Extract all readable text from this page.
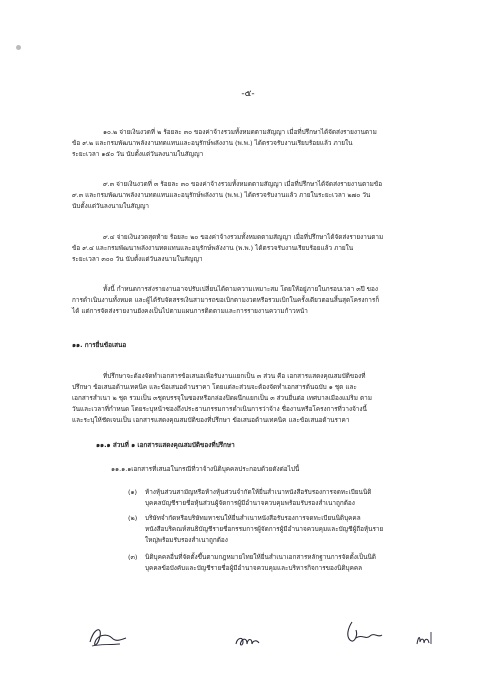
-๕-
๑๐.๒ จ่ายเงินงวดที่ ๒ ร้อยละ ๓๐ ของค่าจ้างรวมทั้งหมดตามสัญญา เมื่อที่ปรึกษาได้จัดส่งรายงานตาม
ข้อ ๙.๒ และกรมพัฒนาพลังงานทดแทนและอนุรักษ์พลังงาน (พ.พ.) ได้ตรวจรับงานเรียบร้อยแล้ว ภายใน
ระยะเวลา ๑๕๐ วัน นับตั้งแต่วันลงนามในสัญญา
๙.๓ จ่ายเงินงวดที่ ๓ ร้อยละ ๓๐ ของค่าจ้างรวมทั้งหมดตามสัญญา เมื่อที่ปรึกษาได้จัดส่งรายงานตามข้อ
๙.๓ และกรมพัฒนาพลังงานทดแทนและอนุรักษ์พลังงาน (พ.พ.) ได้ตรวจรับงานแล้ว ภายในระยะเวลา ๒๗๐ วัน
นับตั้งแต่วันลงนามในสัญญา
๙.๔ จ่ายเงินงวดสุดท้าย ร้อยละ ๒๐ ของค่าจ้างรวมทั้งหมดตามสัญญา เมื่อที่ปรึกษาได้จัดส่งรายงานตาม
ข้อ ๙.๔ และกรมพัฒนาพลังงานทดแทนและอนุรักษ์พลังงาน (พ.พ.) ได้ตรวจรับงานเรียบร้อยแล้ว ภายใน
ระยะเวลา ๓๐๐ วัน นับตั้งแต่วันลงนามในสัญญา
ทั้งนี้ กำหนดการส่งรายงานอาจปรับเปลี่ยนได้ตามความเหมาะสม โดยให้อยู่ภายในกรอบเวลา ๓ปี ของ
การดำเนินงานทั้งหมด และผู้ได้รับจัดสรรเงินสามารถขอเบิกตามงวดหรือรวมเบิกในครั้งเดียวตอนสิ้นสุดโครงการก็
ได้ แต่การจัดส่งรายงานยังคงเป็นไปตามแผนการติดตามและการรายงานความก้าวหน้า
๑๑. การยื่นข้อเสนอ
ที่ปรึกษาจะต้องจัดทำเอกสารข้อเสนอเพื่อรับงานแยกเป็น ๓ ส่วน คือ เอกสารแสดงคุณสมบัติของที่
ปรึกษา ข้อเสนอด้านเทคนิค และข้อเสนอด้านราคา โดยแต่ละส่วนจะต้องจัดทำเอกสารต้นฉบับ ๑ ชุด และ
เอกสารสำเนา ๒ ชุด รวมเป็น ๓ชุดบรรจุในซองหรือกล่องปิดผนึกแยกเป็น ๓ ส่วนยื่นต่อ เทศบาลเมืองแม่ริม ตาม
วันและเวลาที่กำหนด โดยระบุหน้าซองถึงประธานกรรมการดำเนินการว่าจ้าง ชื่องานหรือโครงการที่วางจ้างนี้
และระบุให้ชัดเจนเป็น เอกสารแสดงคุณสมบัติของที่ปรึกษา ข้อเสนอด้านเทคนิค และข้อเสนอด้านราคา
๑๑.๑ ส่วนที่ ๑ เอกสารแสดงคุณสมบัติของที่ปรึกษา
๑๑.๑.๑เอกสารที่เสนอในกรณีที่วาจ้างนิติบุคคลประกอบด้วยดังต่อไปนี้
(๑) ห้างหุ้นส่วนสามัญหรือห้างหุ้นส่วนจำกัดให้ยื่นสำเนาหนังสือรับรองการจดทะเบียนนิติ
บุคคลบัญชีรายชื่อหุ้นส่วนผู้จัดการผู้มีอำนาจควบคุมพร้อมรับรองสำเนาถูกต้อง
(๒) บริษัทจำกัดหรือบริษัทมหาชนให้ยื่นสำเนาหนังสือรับรองการจดทะเบียนนิติบุคคล
หนังสือบริคณห์สนธิบัญชีรายชื่อกรรมการผู้จัดการผู้มีอำนาจควบคุมและบัญชีผู้ถือหุ้นราย
ใหญ่พร้อมรับรองสำเนาถูกต้อง
(๓) นิติบุคคลอื่นที่จัดตั้งขึ้นตามกฎหมายไทยให้ยื่นสำเนาเอกสารหลักฐานการจัดตั้งเป็นนิติ
บุคคลข้อบังคับและบัญชีรายชื่อผู้มีอำนาจควบคุมและบริหารกิจการของนิติบุคคล
